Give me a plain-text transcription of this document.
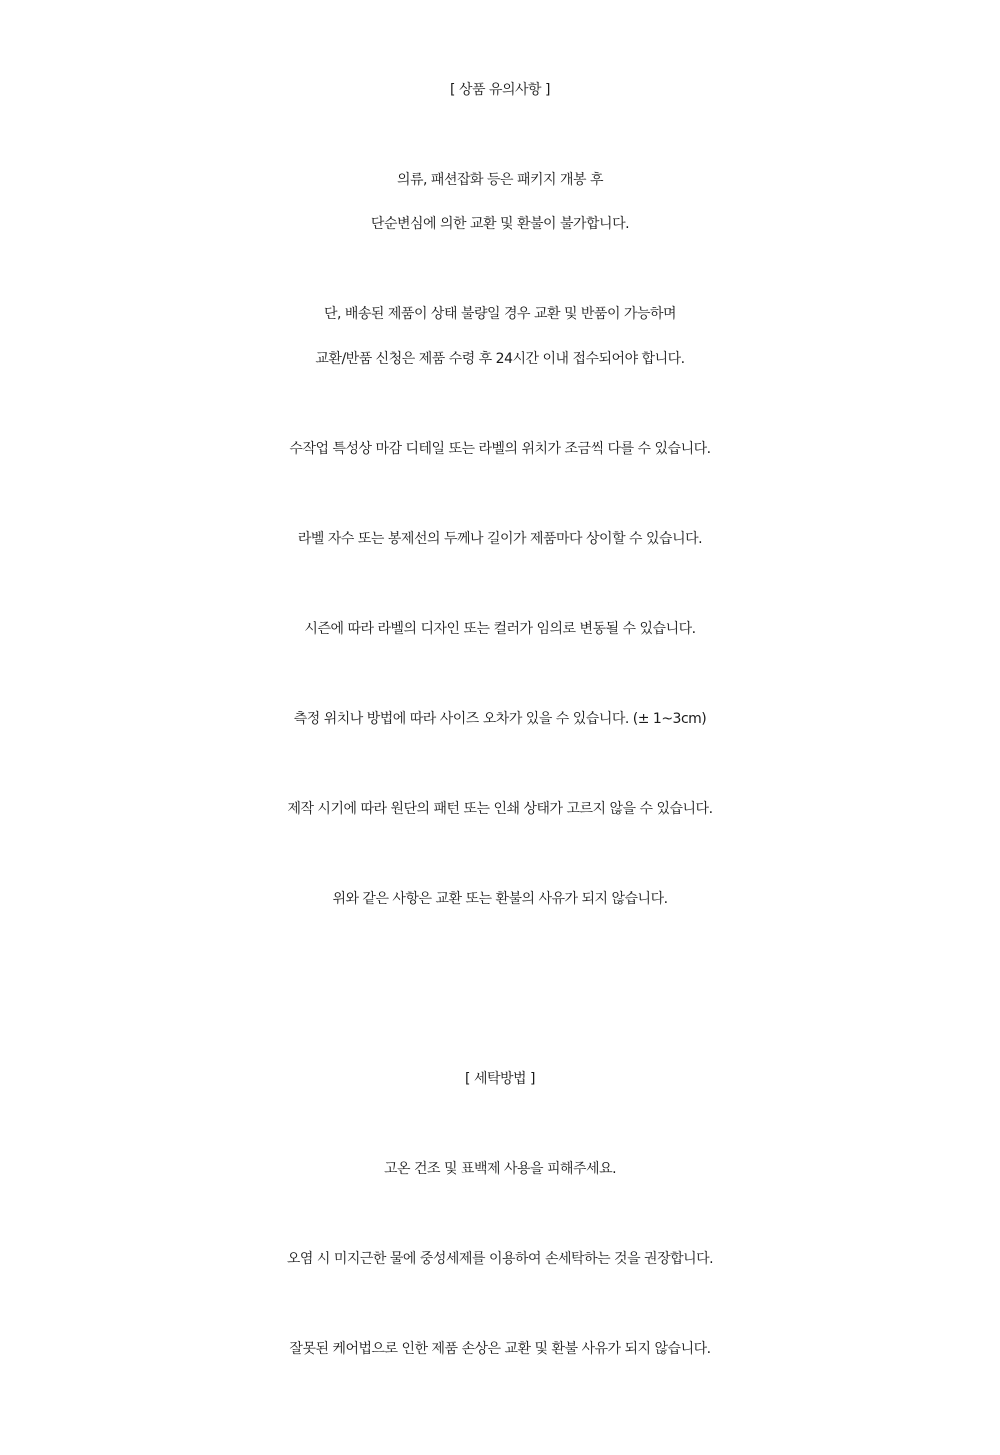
[ 상품 유의사항 ]
의류, 패션잡화 등은 패키지 개봉 후
단순변심에 의한 교환 및 환불이 불가합니다.
단, 배송된 제품이 상태 불량일 경우 교환 및 반품이 가능하며
교환/반품 신청은 제품 수령 후 24시간 이내 접수되어야 합니다.
수작업 특성상 마감 디테일 또는 라벨의 위치가 조금씩 다를 수 있습니다.
라벨 자수 또는 봉제선의 두께나 길이가 제품마다 상이할 수 있습니다.
시즌에 따라 라벨의 디자인 또는 컬러가 임의로 변동될 수 있습니다.
측정 위치나 방법에 따라 사이즈 오차가 있을 수 있습니다. (± 1~3cm)
제작 시기에 따라 원단의 패턴 또는 인쇄 상태가 고르지 않을 수 있습니다.
위와 같은 사항은 교환 또는 환불의 사유가 되지 않습니다.
[ 세탁방법 ]
고온 건조 및 표백제 사용을 피해주세요.
오염 시 미지근한 물에 중성세제를 이용하여 손세탁하는 것을 권장합니다.
잘못된 케어법으로 인한 제품 손상은 교환 및 환불 사유가 되지 않습니다.
